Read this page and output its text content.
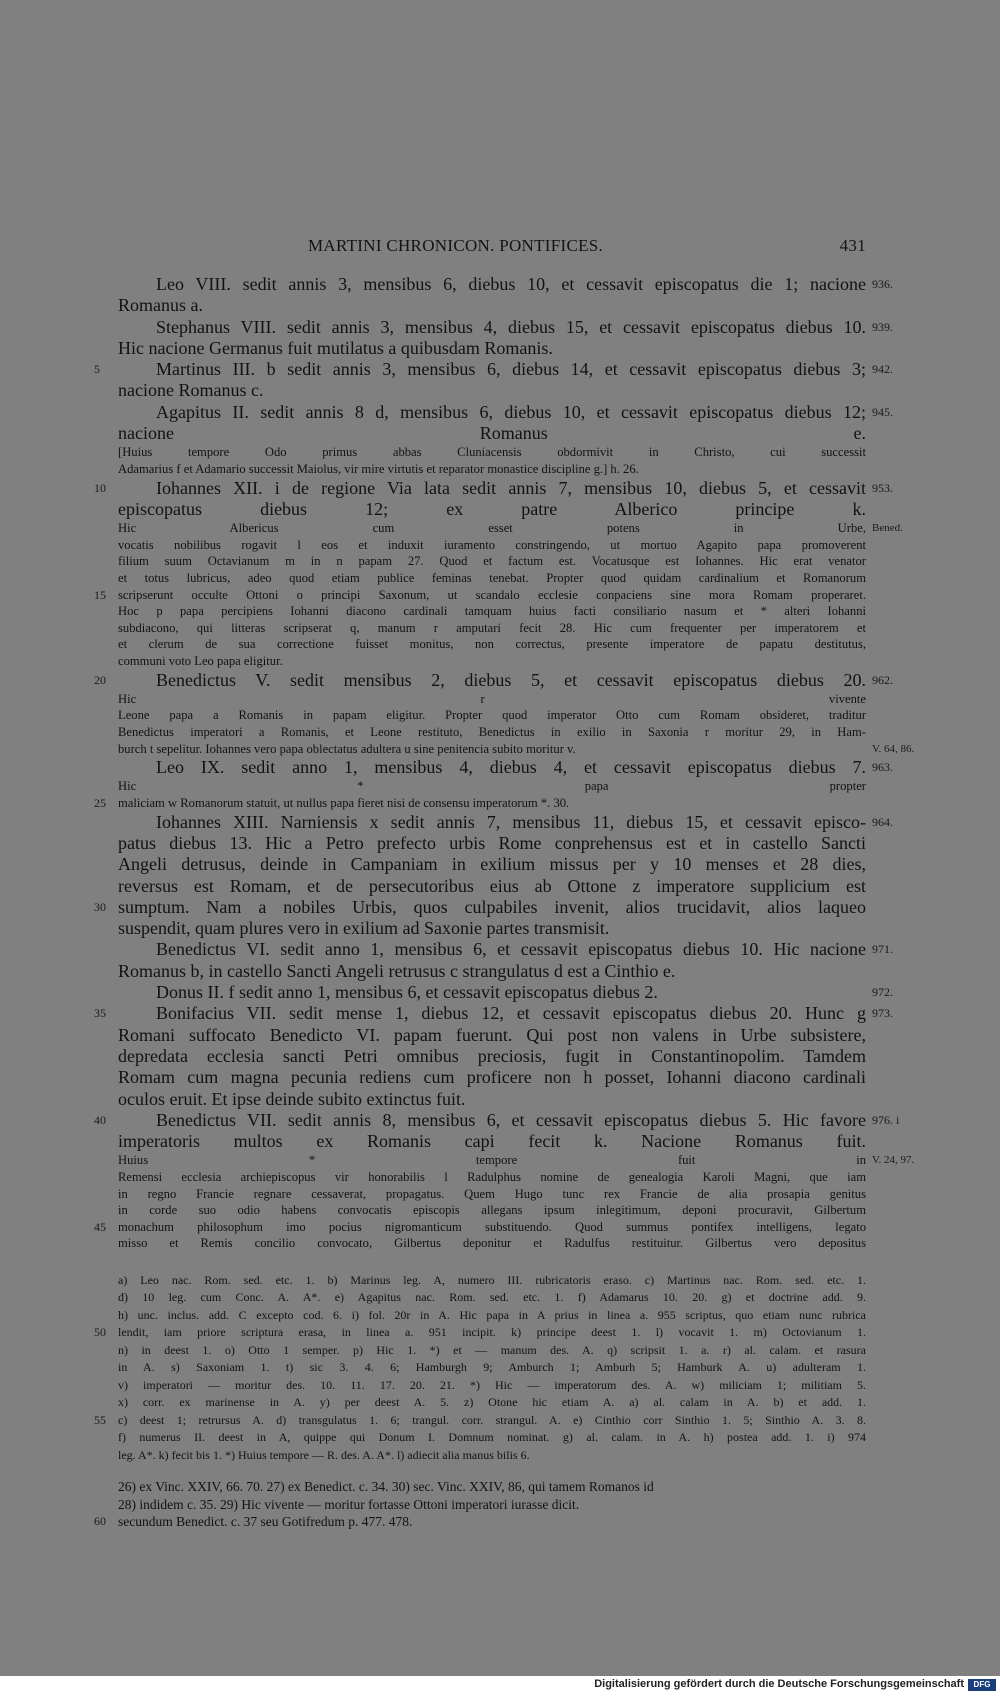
MARTINI CHRONICON. PONTIFICES.	431
Leo VIII. sedit annis 3, mensibus 6, diebus 10, et cessavit episcopatus die 1; nacione 936.
Romanus a.
Stephanus VIII. sedit annis 3, mensibus 4, diebus 15, et cessavit episcopatus diebus 10. 939.
Hic nacione Germanus fuit mutilatus a quibusdam Romanis.
Martinus III. b sedit annis 3, mensibus 6, diebus 14, et cessavit episcopatus diebus 3;
5	942.
nacione Romanus c.
Agapitus II. sedit annis 8 d, mensibus 6, diebus 10, et cessavit episcopatus diebus 12; 945.
nacione Romanus e.
[Huius tempore Odo primus abbas Cluniacensis obdormivit in Christo, cui successit
Adamarius f et Adamario successit Maiolus, vir mire virtutis et reparator monastice discipline g.] h. 26.
Iohannes XII. i de regione Via lata sedit annis 7, mensibus 10, diebus 5, et cessavit
10	953.
episcopatus diebus 12; ex patre Alberico principe k.
Hic Albericus cum esset potens in Urbe, Bened.
vocatis nobilibus rogavit l eos et induxit iuramento constringendo, ut mortuo Agapito papa promoverent
filium suum Octavianum m in n papam 27. Quod et factum est. Vocatusque est Iohannes. Hic erat venator
et totus lubricus, adeo quod etiam publice feminas tenebat. Propter quod quidam cardinalium et Romanorum
scripserunt occulte Ottoni o principi Saxonum, ut scandalo ecclesie conpaciens sine mora Romam properaret.
15
Hoc p papa percipiens Iohanni diacono cardinali tamquam huius facti consiliario nasum et * alteri Iohanni
subdiacono, qui litteras scripserat q, manum r amputari fecit 28. Hic cum frequenter per imperatorem et
et clerum de sua correctione fuisset monitus, non correctus, presente imperatore de papatu destitutus,
communi voto Leo papa eligitur.
Benedictus V. sedit mensibus 2, diebus 5, et cessavit episcopatus diebus 20.
20	962.
Hic r vivente
Leone papa a Romanis in papam eligitur. Propter quod imperator Otto cum Romam obsideret, traditur
Benedictus imperatori a Romanis, et Leone restituto, Benedictus in exilio in Saxonia r moritur 29, in Ham-
burch t sepelitur. Iohannes vero papa oblectatus adultera u sine penitencia subito moritur v.	V. 64, 86.
Leo IX. sedit anno 1, mensibus 4, diebus 4, et cessavit episcopatus diebus 7. 963.
Hic * papa propter
maliciam w Romanorum statuit, ut nullus papa fieret nisi de consensu imperatorum *. 30.
25
Iohannes XIII. Narniensis x sedit annis 7, mensibus 11, diebus 15, et cessavit episco- 964.
patus diebus 13. Hic a Petro prefecto urbis Rome conprehensus est et in castello Sancti
Angeli detrusus, deinde in Campaniam in exilium missus per y 10 menses et 28 dies,
reversus est Romam, et de persecutoribus eius ab Ottone z imperatore supplicium est
sumptum. Nam a nobiles Urbis, quos culpabiles invenit, alios trucidavit, alios laqueo
30
suspendit, quam plures vero in exilium ad Saxonie partes transmisit.
Benedictus VI. sedit anno 1, mensibus 6, et cessavit episcopatus diebus 10. Hic nacione 971.
Romanus b, in castello Sancti Angeli retrusus c strangulatus d est a Cinthio e.
Donus II. f sedit anno 1, mensibus 6, et cessavit episcopatus diebus 2.	972.
Bonifacius VII. sedit mense 1, diebus 12, et cessavit episcopatus diebus 20. Hunc g
35	973.
Romani suffocato Benedicto VI. papam fuerunt. Qui post non valens in Urbe subsistere,
depredata ecclesia sancti Petri omnibus preciosis, fugit in Constantinopolim. Tamdem
Romam cum magna pecunia rediens cum proficere non h posset, Iohanni diacono cardinali
oculos eruit. Et ipse deinde subito extinctus fuit.
Benedictus VII. sedit annis 8, mensibus 6, et cessavit episcopatus diebus 5. Hic favore
40	976. i
imperatoris multos ex Romanis capi fecit k. Nacione Romanus fuit.
Huius * tempore fuit in V. 24, 97.
Remensi ecclesia archiepiscopus vir honorabilis l Radulphus nomine de genealogia Karoli Magni, que iam
in regno Francie regnare cessaverat, propagatus. Quem Hugo tunc rex Francie de alia prosapia genitus
in corde suo odio habens convocatis episcopis allegans ipsum inlegitimum, deponi procuravit, Gilbertum
monachum philosophum imo pocius nigromanticum substituendo. Quod summus pontifex intelligens, legato
45
misso et Remis concilio convocato, Gilbertus deponitur et Radulfus restituitur. Gilbertus vero depositus
a) Leo nac. Rom. sed. etc. 1. b) Marinus leg. A, numero III. rubricatoris eraso. c) Martinus nac. Rom. sed. etc. 1.
d) 10 leg. cum Conc. A. A*. e) Agapitus nac. Rom. sed. etc. 1. f) Adamarus 10. 20. g) et doctrine add. 9.
h) unc. inclus. add. C excepto cod. 6. i) fol. 20r in A. Hic papa in A prius in linea a. 955 scriptus, quo etiam nunc rubrica
lendit, iam priore scriptura erasa, in linea a. 951 incipit. k) principe deest 1. l) vocavit 1. m) Octovianum 1.
50
n) in deest 1. o) Otto 1 semper. p) Hic 1. *) et — manum des. A. q) scripsit 1. a. r) al. calam. et rasura
in A. s) Saxoniam 1. t) sic 3. 4. 6; Hamburgh 9; Amburch 1; Amburh 5; Hamburk A. u) adulteram 1.
v) imperatori — moritur des. 10. 11. 17. 20. 21. *) Hic — imperatorum des. A. w) miliciam 1; militiam 5.
x) corr. ex marinense in A. y) per deest A. 5. z) Otone hic etiam A. a) al. calam in A. b) et add. 1.
c) deest 1; retrursus A. d) transgulatus 1. 6; trangul. corr. strangul. A. e) Cinthio corr Sinthio 1. 5; Sinthio A. 3. 8.
55
f) numerus II. deest in A, quippe qui Donum I. Domnum nominat. g) al. calam. in A. h) postea add. 1. i) 974
leg. A*. k) fecit bis 1. *) Huius tempore — R. des. A. A*. l) adiecit alia manus bilis 6.
26) ex Vinc. XXIV, 66. 70. 27) ex Benedict. c. 34. 30) sec. Vinc. XXIV, 86, qui tamem Romanos id
28) indidem c. 35. 29) Hic vivente — moritur fortasse Ottoni imperatori iurasse dicit.
secundum Benedict. c. 37 seu Gotifredum p. 477. 478.
60
Digitalisierung gefördert durch die Deutsche Forschungsgemeinschaft	DFG
